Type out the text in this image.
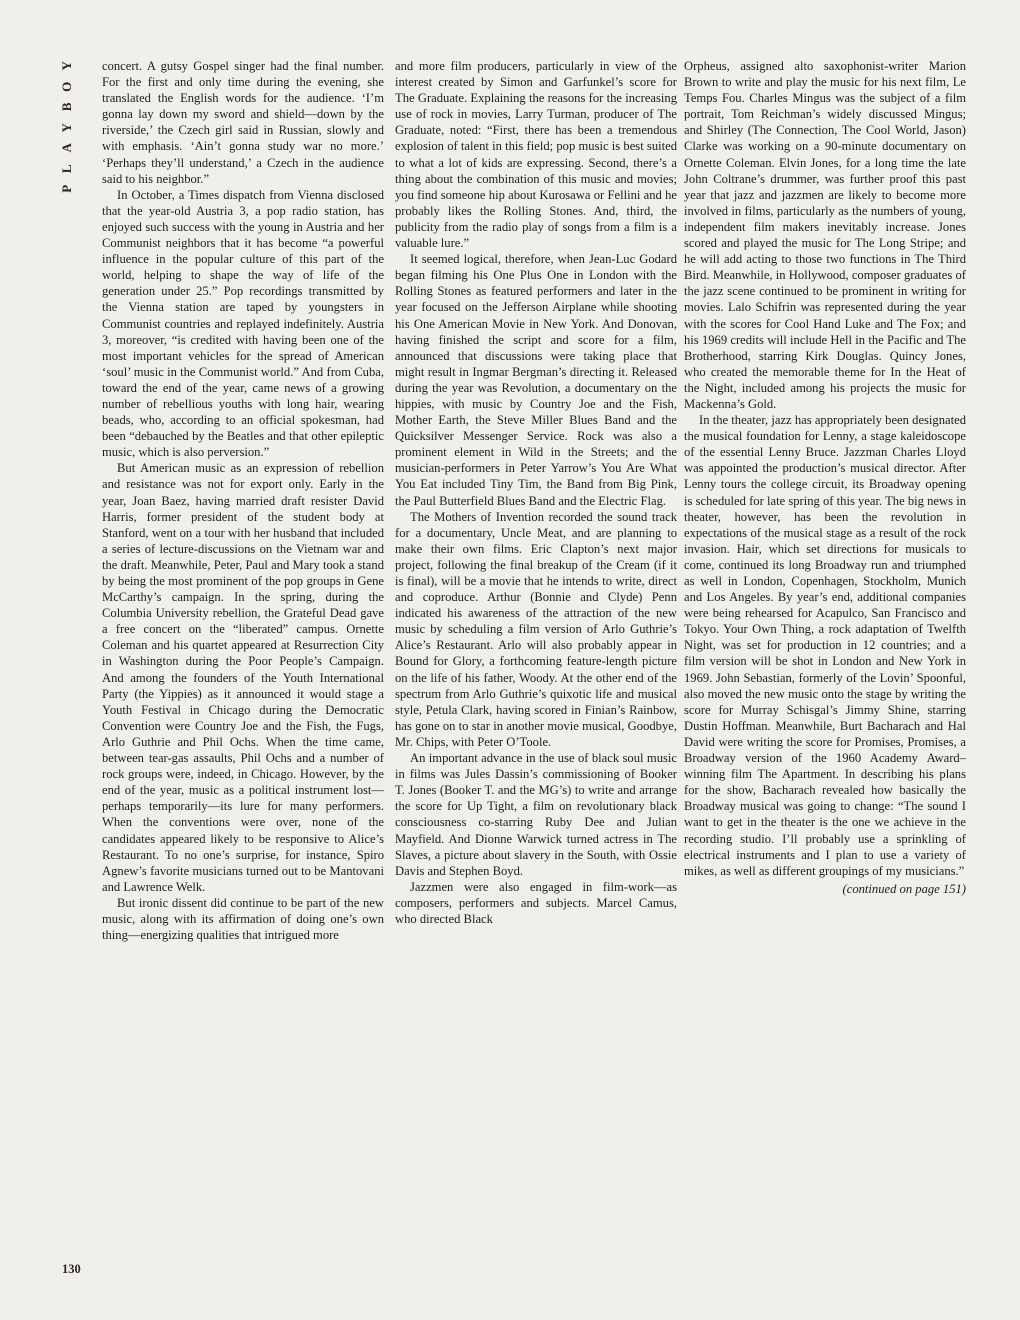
Y
O
B
Y
A
L
P

concert. A gutsy Gospel singer had the final number. For the first and only time during the evening, she translated the English words for the audience. ‘I’m gonna lay down my sword and shield—down by the riverside,’ the Czech girl said in Russian, slowly and with emphasis. ‘Ain’t gonna study war no more.’ ‘Perhaps they’ll understand,’ a Czech in the audience said to his neighbor.”

In October, a Times dispatch from Vienna disclosed that the year-old Austria 3, a pop radio station, has enjoyed such success with the young in Austria and her Communist neighbors that it has become “a powerful influence in the popular culture of this part of the world, helping to shape the way of life of the generation under 25.” Pop recordings transmitted by the Vienna station are taped by youngsters in Communist countries and replayed indefinitely. Austria 3, moreover, “is credited with having been one of the most important vehicles for the spread of American ‘soul’ music in the Communist world.” And from Cuba, toward the end of the year, came news of a growing number of rebellious youths with long hair, wearing beads, who, according to an official spokesman, had been “debauched by the Beatles and that other epileptic music, which is also perversion.”

But American music as an expression of rebellion and resistance was not for export only. Early in the year, Joan Baez, having married draft resister David Harris, former president of the student body at Stanford, went on a tour with her husband that included a series of lecture-discussions on the Vietnam war and the draft. Meanwhile, Peter, Paul and Mary took a stand by being the most prominent of the pop groups in Gene McCarthy’s campaign. In the spring, during the Columbia University rebellion, the Grateful Dead gave a free concert on the “liberated” campus. Ornette Coleman and his quartet appeared at Resurrection City in Washington during the Poor People’s Campaign. And among the founders of the Youth International Party (the Yippies) as it announced it would stage a Youth Festival in Chicago during the Democratic Convention were Country Joe and the Fish, the Fugs, Arlo Guthrie and Phil Ochs. When the time came, between tear-gas assaults, Phil Ochs and a number of rock groups were, indeed, in Chicago. However, by the end of the year, music as a political instrument lost—perhaps temporarily—its lure for many performers. When the conventions were over, none of the candidates appeared likely to be responsive to Alice’s Restaurant. To no one’s surprise, for instance, Spiro Agnew’s favorite musicians turned out to be Mantovani and Lawrence Welk.

But ironic dissent did continue to be part of the new music, along with its affirmation of doing one’s own thing—energizing qualities that intrigued more

and more film producers, particularly in view of the interest created by Simon and Garfunkel’s score for The Graduate. Explaining the reasons for the increasing use of rock in movies, Larry Turman, producer of The Graduate, noted: “First, there has been a tremendous explosion of talent in this field; pop music is best suited to what a lot of kids are expressing. Second, there’s a thing about the combination of this music and movies; you find someone hip about Kurosawa or Fellini and he probably likes the Rolling Stones. And, third, the publicity from the radio play of songs from a film is a valuable lure.”

It seemed logical, therefore, when Jean-Luc Godard began filming his One Plus One in London with the Rolling Stones as featured performers and later in the year focused on the Jefferson Airplane while shooting his One American Movie in New York. And Donovan, having finished the script and score for a film, announced that discussions were taking place that might result in Ingmar Bergman’s directing it. Released during the year was Revolution, a documentary on the hippies, with music by Country Joe and the Fish, Mother Earth, the Steve Miller Blues Band and the Quicksilver Messenger Service. Rock was also a prominent element in Wild in the Streets; and the musician-performers in Peter Yarrow’s You Are What You Eat included Tiny Tim, the Band from Big Pink, the Paul Butterfield Blues Band and the Electric Flag.

The Mothers of Invention recorded the sound track for a documentary, Uncle Meat, and are planning to make their own films. Eric Clapton’s next major project, following the final breakup of the Cream (if it is final), will be a movie that he intends to write, direct and coproduce. Arthur (Bonnie and Clyde) Penn indicated his awareness of the attraction of the new music by scheduling a film version of Arlo Guthrie’s Alice’s Restaurant. Arlo will also probably appear in Bound for Glory, a forthcoming feature-length picture on the life of his father, Woody. At the other end of the spectrum from Arlo Guthrie’s quixotic life and musical style, Petula Clark, having scored in Finian’s Rainbow, has gone on to star in another movie musical, Goodbye, Mr. Chips, with Peter O’Toole.

An important advance in the use of black soul music in films was Jules Dassin’s commissioning of Booker T. Jones (Booker T. and the MG’s) to write and arrange the score for Up Tight, a film on revolutionary black consciousness co-starring Ruby Dee and Julian Mayfield. And Dionne Warwick turned actress in The Slaves, a picture about slavery in the South, with Ossie Davis and Stephen Boyd.

Jazzmen were also engaged in film-work—as composers, performers and subjects. Marcel Camus, who directed Black

Orpheus, assigned alto saxophonist-writer Marion Brown to write and play the music for his next film, Le Temps Fou. Charles Mingus was the subject of a film portrait, Tom Reichman’s widely discussed Mingus; and Shirley (The Connection, The Cool World, Jason) Clarke was working on a 90-minute documentary on Ornette Coleman. Elvin Jones, for a long time the late John Coltrane’s drummer, was further proof this past year that jazz and jazzmen are likely to become more involved in films, particularly as the numbers of young, independent film makers inevitably increase. Jones scored and played the music for The Long Stripe; and he will add acting to those two functions in The Third Bird. Meanwhile, in Hollywood, composer graduates of the jazz scene continued to be prominent in writing for movies. Lalo Schifrin was represented during the year with the scores for Cool Hand Luke and The Fox; and his 1969 credits will include Hell in the Pacific and The Brotherhood, starring Kirk Douglas. Quincy Jones, who created the memorable theme for In the Heat of the Night, included among his projects the music for Mackenna’s Gold.

In the theater, jazz has appropriately been designated the musical foundation for Lenny, a stage kaleidoscope of the essential Lenny Bruce. Jazzman Charles Lloyd was appointed the production’s musical director. After Lenny tours the college circuit, its Broadway opening is scheduled for late spring of this year. The big news in theater, however, has been the revolution in expectations of the musical stage as a result of the rock invasion. Hair, which set directions for musicals to come, continued its long Broadway run and triumphed as well in London, Copenhagen, Stockholm, Munich and Los Angeles. By year’s end, additional companies were being rehearsed for Acapulco, San Francisco and Tokyo. Your Own Thing, a rock adaptation of Twelfth Night, was set for production in 12 countries; and a film version will be shot in London and New York in 1969. John Sebastian, formerly of the Lovin’ Spoonful, also moved the new music onto the stage by writing the score for Murray Schisgal’s Jimmy Shine, starring Dustin Hoffman. Meanwhile, Burt Bacharach and Hal David were writing the score for Promises, Promises, a Broadway version of the 1960 Academy Award–winning film The Apartment. In describing his plans for the show, Bacharach revealed how basically the Broadway musical was going to change: “The sound I want to get in the theater is the one we achieve in the recording studio. I’ll probably use a sprinkling of electrical instruments and I plan to use a variety of mikes, as well as different groupings of my musicians.”

(continued on page 151)
130
